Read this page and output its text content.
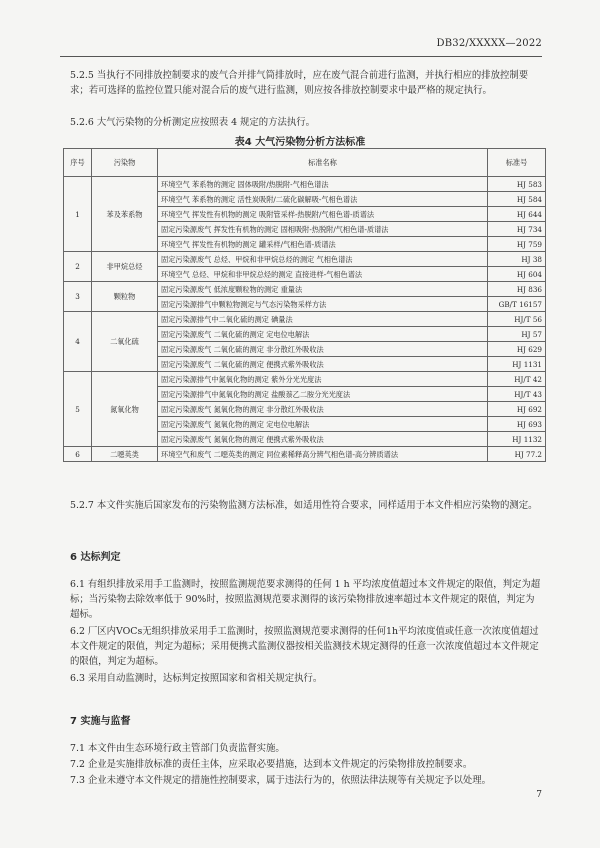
DB32/XXXXX—2022
5.2.5 当执行不同排放控制要求的废气合并排气筒排放时，应在废气混合前进行监测，并执行相应的排放控制要求；若可选择的监控位置只能对混合后的废气进行监测，则应按各排放控制要求中最严格的规定执行。
5.2.6 大气污染物的分析测定应按照表 4 规定的方法执行。
表4 大气污染物分析方法标准
序号	污染物	标准名称	标准号
1	苯及苯系物	环境空气 苯系物的测定 固体吸附/热脱附-气相色谱法	HJ 583
		环境空气 苯系物的测定 活性炭吸附/二硫化碳解吸-气相色谱法	HJ 584
		环境空气 挥发性有机物的测定 吸附管采样-热脱附/气相色谱-质谱法	HJ 644
		固定污染源废气 挥发性有机物的测定 固相吸附-热脱附/气相色谱-质谱法	HJ 734
		环境空气 挥发性有机物的测定 罐采样/气相色谱-质谱法	HJ 759
2	非甲烷总烃	固定污染源废气 总烃、甲烷和非甲烷总烃的测定 气相色谱法	HJ 38
		环境空气 总烃、甲烷和非甲烷总烃的测定 直接进样-气相色谱法	HJ 604
3	颗粒物	固定污染源废气 低浓度颗粒物的测定 重量法	HJ 836
		固定污染源排气中颗粒物测定与气态污染物采样方法	GB/T 16157
4	二氧化硫	固定污染源排气中二氧化硫的测定 碘量法	HJ/T 56
		固定污染源废气 二氧化硫的测定 定电位电解法	HJ 57
		固定污染源废气 二氧化硫的测定 非分散红外吸收法	HJ 629
		固定污染源废气 二氧化硫的测定 便携式紫外吸收法	HJ 1131
5	氮氧化物	固定污染源排气中氮氧化物的测定 紫外分光光度法	HJ/T 42
		固定污染源排气中氮氧化物的测定 盐酸萘乙二胺分光光度法	HJ/T 43
		固定污染源废气 氮氧化物的测定 非分散红外吸收法	HJ 692
		固定污染源废气 氮氧化物的测定 定电位电解法	HJ 693
		固定污染源废气 氮氧化物的测定 便携式紫外吸收法	HJ 1132
6	二噁英类	环境空气和废气 二噁英类的测定 同位素稀释高分辨气相色谱-高分辨质谱法	HJ 77.2
5.2.7 本文件实施后国家发布的污染物监测方法标准，如适用性符合要求，同样适用于本文件相应污染物的测定。
6 达标判定
6.1 有组织排放采用手工监测时，按照监测规范要求测得的任何 1 h 平均浓度值超过本文件规定的限值，判定为超标；当污染物去除效率低于 90%时，按照监测规范要求测得的该污染物排放速率超过本文件规定的限值，判定为超标。
6.2 厂区内VOCs无组织排放采用手工监测时，按照监测规范要求测得的任何1h平均浓度值或任意一次浓度值超过本文件规定的限值，判定为超标；采用便携式监测仪器按相关监测技术规定测得的任意一次浓度值超过本文件规定的限值，判定为超标。
6.3 采用自动监测时，达标判定按照国家和省相关规定执行。
7 实施与监督
7.1 本文件由生态环境行政主管部门负责监督实施。
7.2 企业是实施排放标准的责任主体，应采取必要措施，达到本文件规定的污染物排放控制要求。
7.3 企业未遵守本文件规定的措施性控制要求，属于违法行为的，依照法律法规等有关规定予以处理。
7
